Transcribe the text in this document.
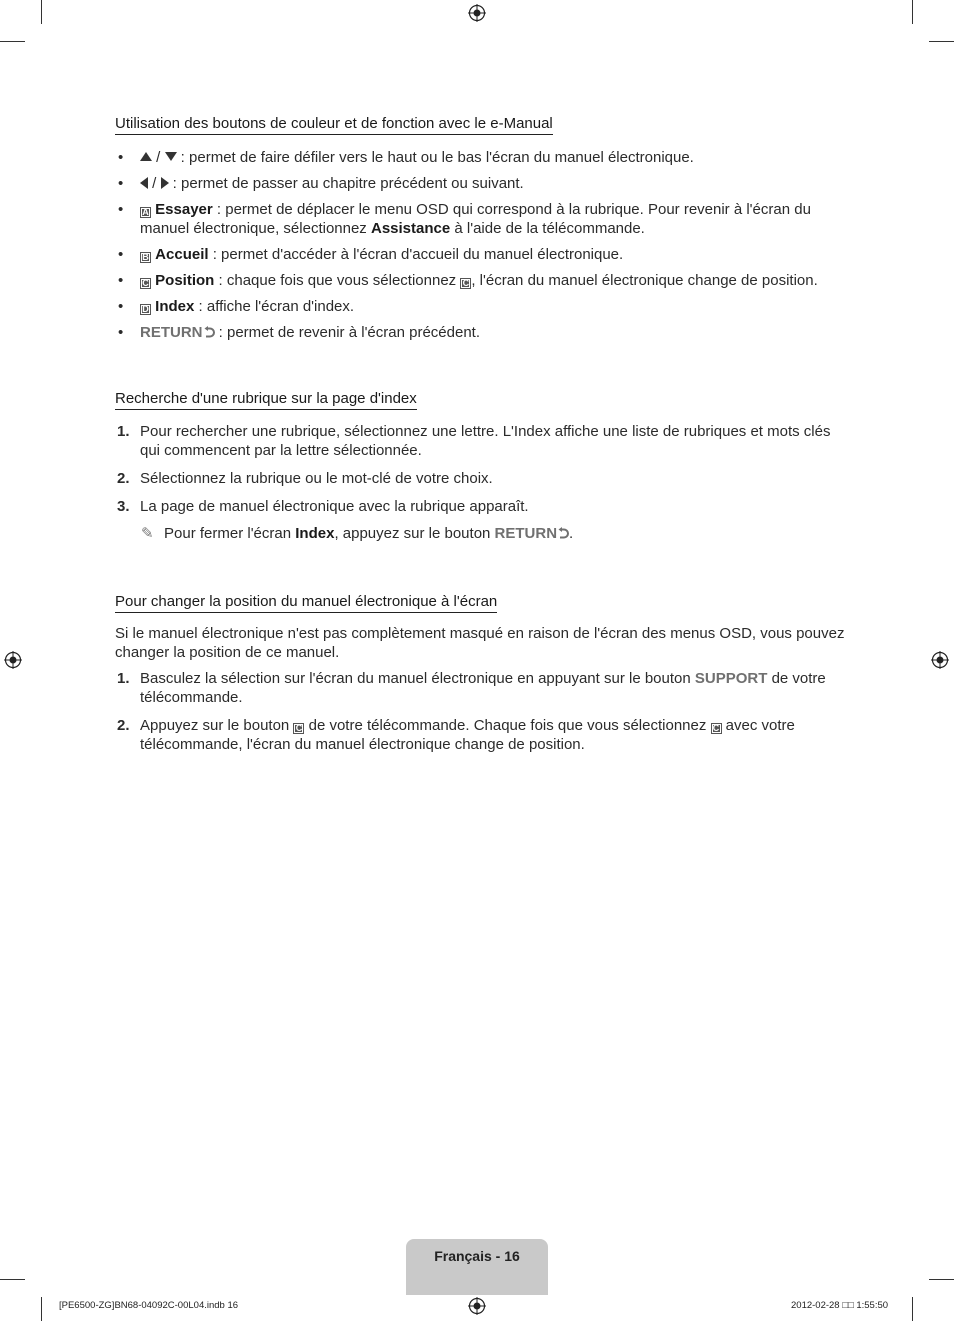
Utilisation des boutons de couleur et de fonction avec le e-Manual
• /  : permet de faire défiler vers le haut ou le bas l'écran du manuel électronique.
• /  : permet de passer au chapitre précédent ou suivant.
• A Essayer : permet de déplacer le menu OSD qui correspond à la rubrique. Pour revenir à l'écran du manuel électronique, sélectionnez Assistance à l'aide de la télécommande.
• B Accueil : permet d'accéder à l'écran d'accueil du manuel électronique.
• C Position : chaque fois que vous sélectionnez C , l'écran du manuel électronique change de position.
• D Index : affiche l'écran d'index.
• RETURN : permet de revenir à l'écran précédent.
Recherche d'une rubrique sur la page d'index
1. Pour rechercher une rubrique, sélectionnez une lettre. L'Index affiche une liste de rubriques et mots clés qui commencent par la lettre sélectionnée.
2. Sélectionnez la rubrique ou le mot-clé de votre choix.
3. La page de manuel électronique avec la rubrique apparaît.
✎ Pour fermer l'écran Index, appuyez sur le bouton RETURN .
Pour changer la position du manuel électronique à l'écran

Si le manuel électronique n'est pas complètement masqué en raison de l'écran des menus OSD, vous pouvez changer la position de ce manuel.

1. Basculez la sélection sur l'écran du manuel électronique en appuyant sur le bouton SUPPORT de votre télécommande.
2. Appuyez sur le bouton C de votre télécommande. Chaque fois que vous sélectionnez C avec votre télécommande, l'écran du manuel électronique change de position.
Français - 16
[PE6500-ZG]BN68-04092C-00L04.indb 16	2012-02-28 □□ 1:55:50
